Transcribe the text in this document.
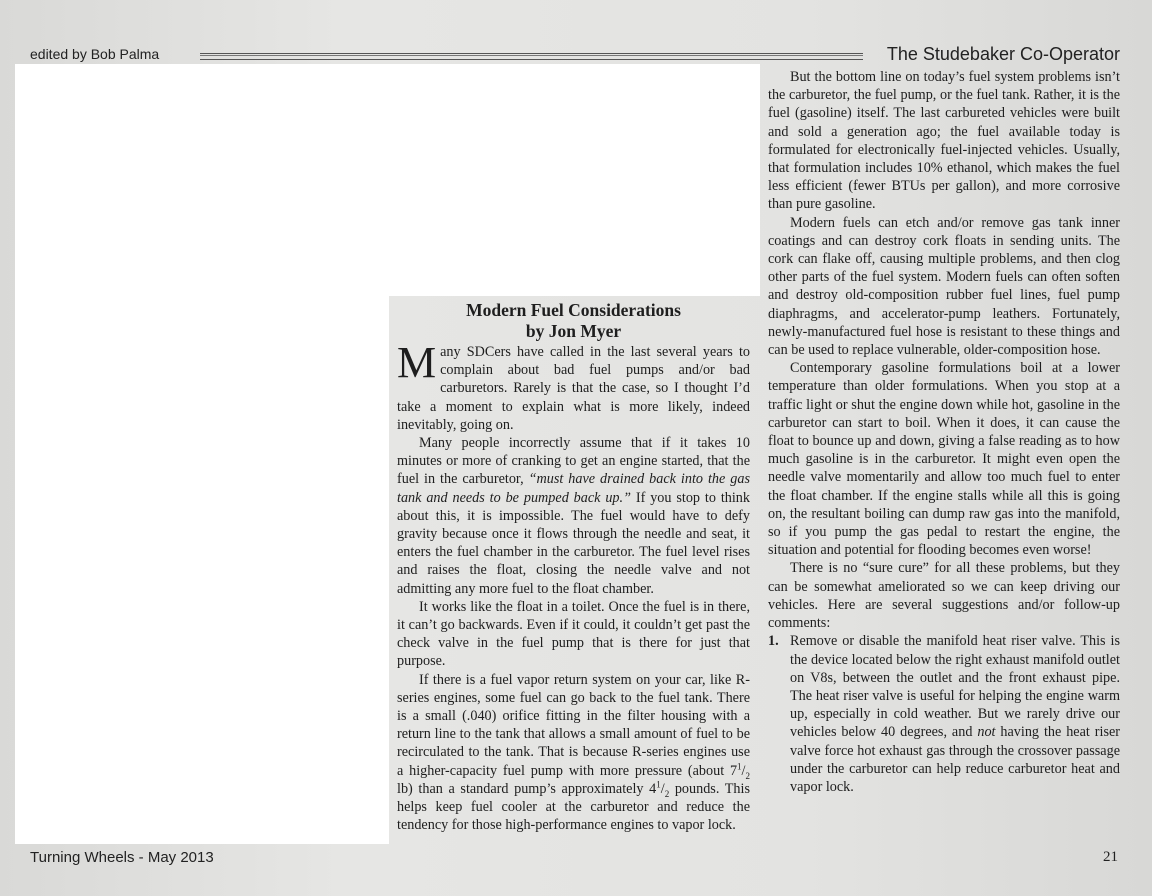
edited by Bob Palma	The Studebaker Co-Operator
Modern Fuel Considerations
by Jon Myer

Many SDCers have called in the last several years to complain about bad fuel pumps and/or bad carburetors. Rarely is that the case, so I thought I’d take a moment to explain what is more likely, indeed inevitably, going on.

Many people incorrectly assume that if it takes 10 minutes or more of cranking to get an engine started, that the fuel in the carburetor, “must have drained back into the gas tank and needs to be pumped back up.” If you stop to think about this, it is impossible. The fuel would have to defy gravity because once it flows through the needle and seat, it enters the fuel chamber in the carburetor. The fuel level rises and raises the float, closing the needle valve and not admitting any more fuel to the float chamber.

It works like the float in a toilet. Once the fuel is in there, it can’t go backwards. Even if it could, it couldn’t get past the check valve in the fuel pump that is there for just that purpose.

If there is a fuel vapor return system on your car, like R-series engines, some fuel can go back to the fuel tank. There is a small (.040) orifice fitting in the filter housing with a return line to the tank that allows a small amount of fuel to be recirculated to the tank. That is because R-series engines use a higher-capacity fuel pump with more pressure (about $7^1/_2$ lb) than a standard pump’s approximately $4^1/_2$ pounds. This helps keep fuel cooler at the carburetor and reduce the tendency for those high-performance engines to vapor lock.

But the bottom line on today’s fuel system problems isn’t the carburetor, the fuel pump, or the fuel tank. Rather, it is the fuel (gasoline) itself. The last carbureted vehicles were built and sold a generation ago; the fuel available today is formulated for electronically fuel-injected vehicles. Usually, that formulation includes 10% ethanol, which makes the fuel less efficient (fewer BTUs per gallon), and more corrosive than pure gasoline.

Modern fuels can etch and/or remove gas tank inner coatings and can destroy cork floats in sending units. The cork can flake off, causing multiple problems, and then clog other parts of the fuel system. Modern fuels can often soften and destroy old-composition rubber fuel lines, fuel pump diaphragms, and accelerator-pump leathers. Fortunately, newly-manufactured fuel hose is resistant to these things and can be used to replace vulnerable, older-composition hose.

Contemporary gasoline formulations boil at a lower temperature than older formulations. When you stop at a traffic light or shut the engine down while hot, gasoline in the carburetor can start to boil. When it does, it can cause the float to bounce up and down, giving a false reading as to how much gasoline is in the carburetor. It might even open the needle valve momentarily and allow too much fuel to enter the float chamber. If the engine stalls while all this is going on, the resultant boiling can dump raw gas into the manifold, so if you pump the gas pedal to restart the engine, the situation and potential for flooding becomes even worse!

There is no “sure cure” for all these problems, but they can be somewhat ameliorated so we can keep driving our vehicles. Here are several suggestions and/or follow-up comments:

1. Remove or disable the manifold heat riser valve. This is the device located below the right exhaust manifold outlet on V8s, between the outlet and the front exhaust pipe. The heat riser valve is useful for helping the engine warm up, especially in cold weather. But we rarely drive our vehicles below 40 degrees, and not having the heat riser valve force hot exhaust gas through the crossover passage under the carburetor can help reduce carburetor heat and vapor lock.
Turning Wheels - May 2013	21
